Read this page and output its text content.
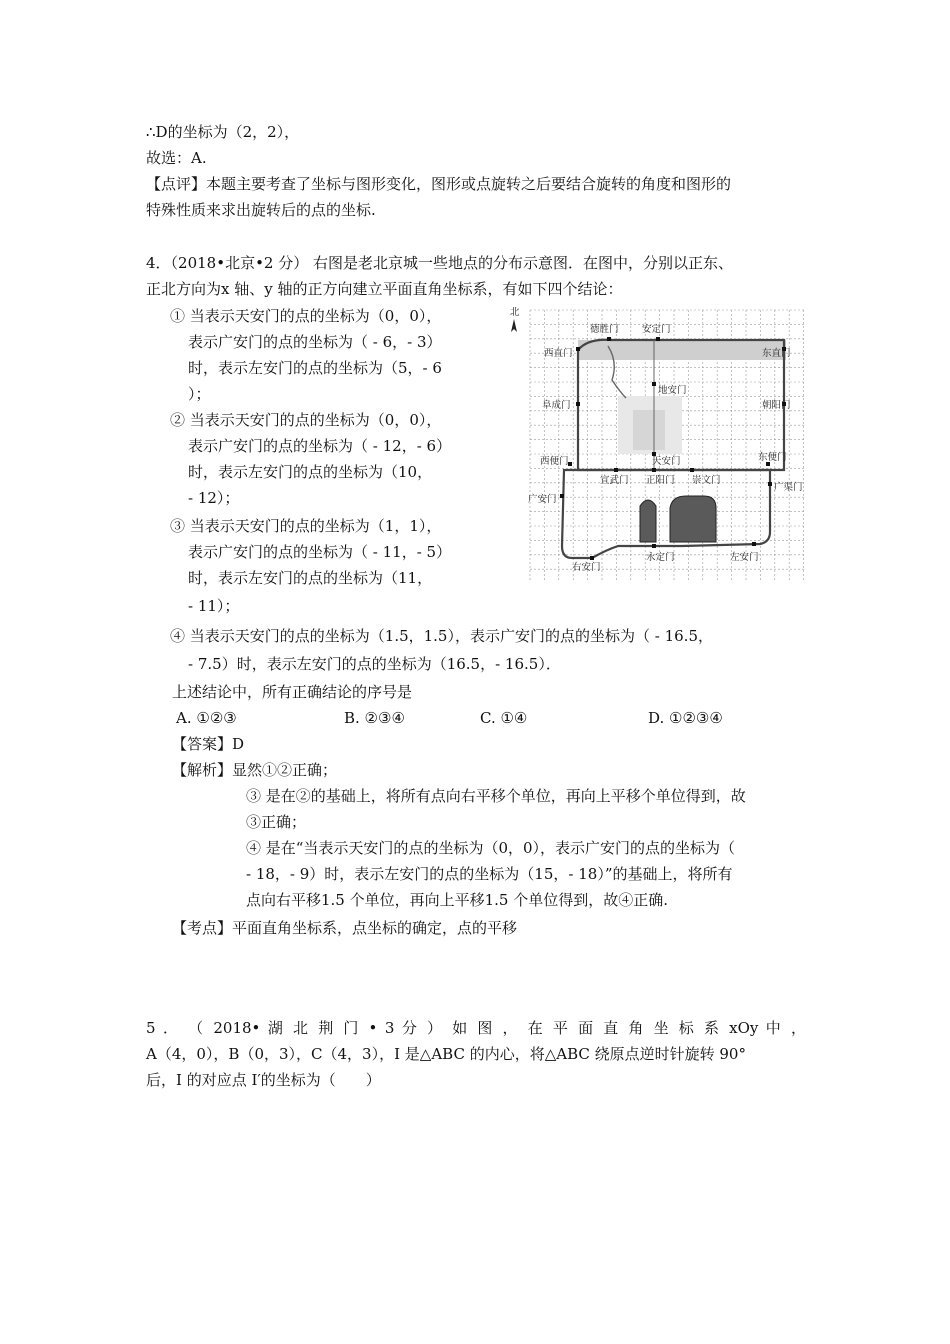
∴D的坐标为（2，2），
故选：A.
【点评】本题主要考查了坐标与图形变化，图形或点旋转之后要结合旋转的角度和图形的
特殊性质来求出旋转后的点的坐标.
4．（2018•北京•2 分） 右图是老北京城一些地点的分布示意图．在图中，分别以正东、
正北方向为x 轴、y 轴的正方向建立平面直角坐标系，有如下四个结论：
① 当表示天安门的点的坐标为（0，0），
表示广安门的点的坐标为（ - 6，- 3）
时，表示左安门的点的坐标为（5，- 6
）；
② 当表示天安门的点的坐标为（0，0），
表示广安门的点的坐标为（ - 12，- 6）
时，表示左安门的点的坐标为（10，
- 12）；
③ 当表示天安门的点的坐标为（1，1），
表示广安门的点的坐标为（ - 11，- 5）
时，表示左安门的点的坐标为（11，
- 11）；
④ 当表示天安门的点的坐标为（1.5，1.5），表示广安门的点的坐标为（ - 16.5，
- 7.5）时，表示左安门的点的坐标为（16.5，- 16.5）．
上述结论中，所有正确结论的序号是
A. ①②③	B. ②③④	C. ①④	D. ①②③④
【答案】D
【解析】显然①②正确；
③ 是在②的基础上，将所有点向右平移个单位，再向上平移个单位得到，故
③正确；
④ 是在“当表示天安门的点的坐标为（0，0），表示广安门的点的坐标为（
- 18，- 9）时，表示左安门的点的坐标为（15，- 18）”的基础上，将所有
点向右平移1.5 个单位，再向上平移1.5 个单位得到，故④正确.
【考点】平面直角坐标系，点坐标的确定，点的平移
北
德胜门 安定门
西直门	东直门
地安门
阜成门	朝阳门
西便门	天安门	东便门
宣武门 正阳门 崇文门
广渠门
广安门
永定门	左安门
右安门
5 ． （ 2018• 湖 北 荆 门 • 3 分 ） 如 图 ， 在 平 面 直 角 坐 标 系 xOy 中 ，
A（4，0），B（0，3），C（4，3），I 是△ABC 的内心，将△ABC 绕原点逆时针旋转 90°
后，I 的对应点 I′的坐标为（　　）
